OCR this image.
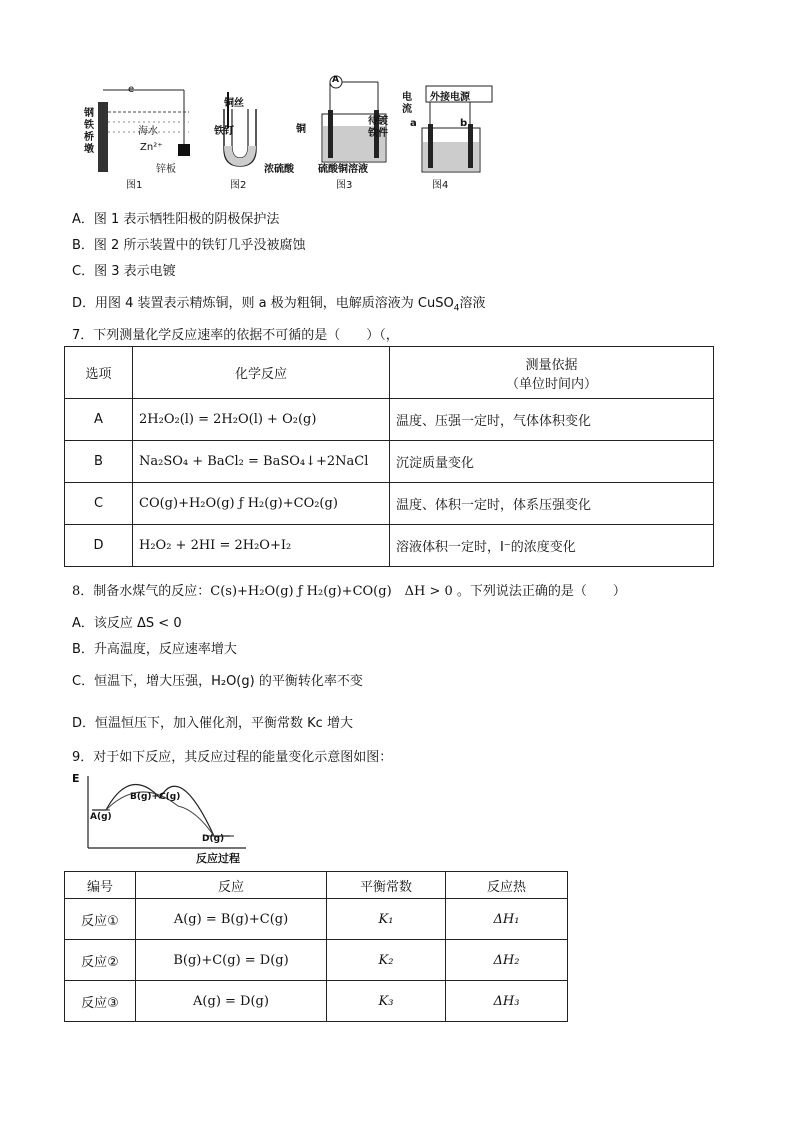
钢
铁
桥
墩
e
海水
Zn²⁺
锌板
图1
铜丝
铁钉
浓硫酸
图2
A
铜
待镀
铁件
硫酸铜溶液
图3
电
流
外接电源
a	b
图4
A．图 1 表示牺牲阳极的阴极保护法
B．图 2 所示装置中的铁钉几乎没被腐蚀
C．图 3 表示电镀
D．用图 4 装置表示精炼铜，则 a 极为粗铜，电解质溶液为 CuSO$_4$溶液
7．下列测量化学反应速率的依据不可循的是（　　）（，
选项	化学反应	测量依据
（单位时间内）

A	2H₂O₂(l) = 2H₂O(l) + O₂(g)	温度、压强一定时，气体体积变化
B	Na₂SO₄ + BaCl₂ = BaSO₄↓+2NaCl	沉淀质量变化
C	CO(g)+H₂O(g) ƒ H₂(g)+CO₂(g)	温度、体积一定时，体系压强变化
D	H₂O₂ + 2HI = 2H₂O+I₂	溶液体积一定时，I⁻的浓度变化
8．制备水煤气的反应：C(s)+H₂O(g) ƒ H₂(g)+CO(g)　ΔH > 0 。下列说法正确的是（　　）
A．该反应 ΔS < 0
B．升高温度，反应速率增大
C．恒温下，增大压强，H₂O(g) 的平衡转化率不变
D．恒温恒压下，加入催化剂，平衡常数 Kc 增大
9．对于如下反应，其反应过程的能量变化示意图如图：
E
A(g)
B(g)+C(g)
D(g)
反应过程
编号	反应	平衡常数	反应热
反应①	A(g) = B(g)+C(g)	K₁	ΔH₁
反应②	B(g)+C(g) = D(g)	K₂	ΔH₂
反应③	A(g) = D(g)	K₃	ΔH₃
